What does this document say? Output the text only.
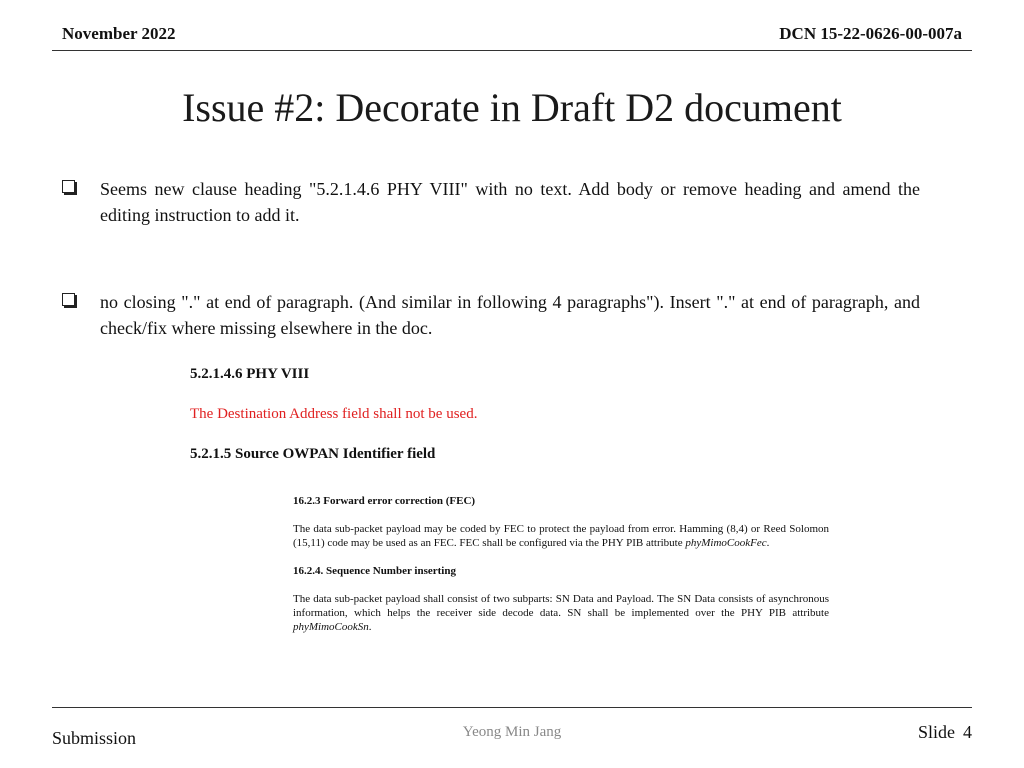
November 2022	DCN 15-22-0626-00-007a
Issue #2: Decorate in Draft D2 document
Seems new clause heading "5.2.1.4.6 PHY VIII" with no text. Add body or remove heading and amend the editing instruction to add it.
no closing "." at end of paragraph. (And similar in following 4 paragraphs"). Insert "." at end of paragraph, and check/fix where missing elsewhere in the doc.
5.2.1.4.6 PHY VIII
The Destination Address field shall not be used.
5.2.1.5 Source OWPAN Identifier field
16.2.3 Forward error correction (FEC)

The data sub-packet payload may be coded by FEC to protect the payload from error. Hamming (8,4) or Reed Solomon (15,11) code may be used as an FEC. FEC shall be configured via the PHY PIB attribute phyMimoCookFec.

16.2.4. Sequence Number inserting

The data sub-packet payload shall consist of two subparts: SN Data and Payload. The SN Data consists of asynchronous information, which helps the receiver side decode data. SN shall be implemented over the PHY PIB attribute phyMimoCookSn.

Submission	Yeong Min Jang	Slide 4
